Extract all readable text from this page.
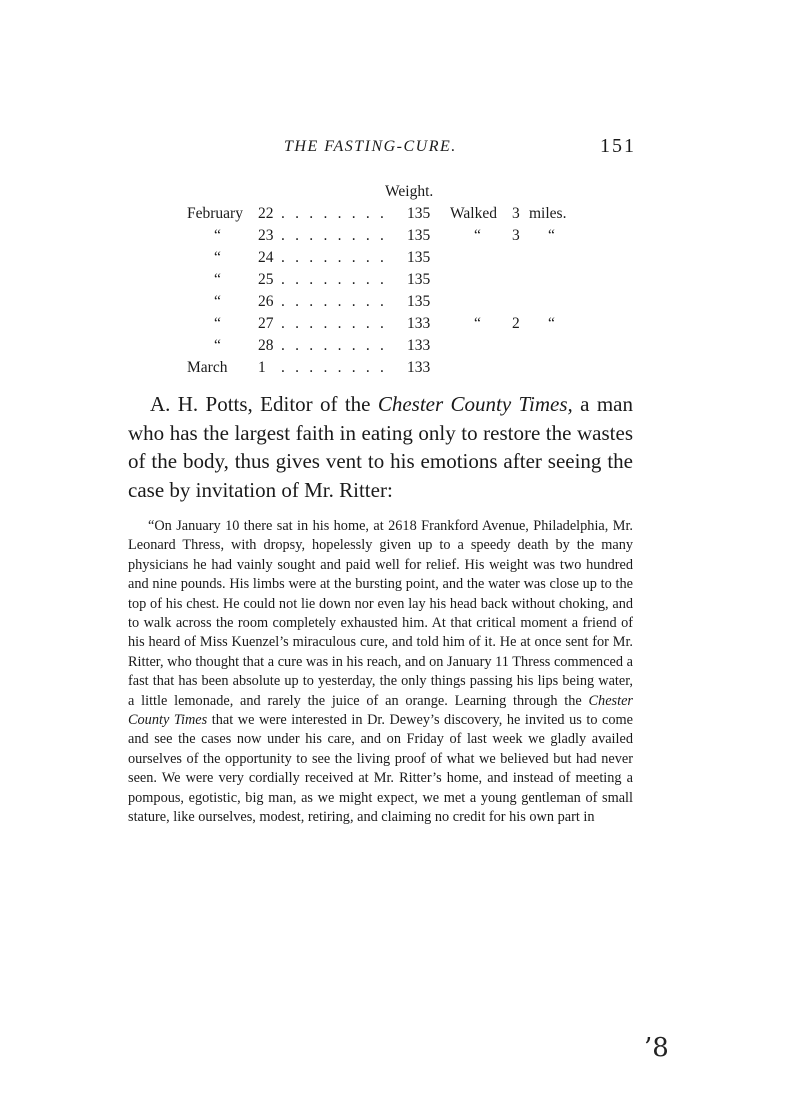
THE FASTING-CURE.	151
Weight.
February 22 . . . . . . . . 135 Walked 3 miles.
“ 23 . . . . . . . . 135	“ 3 “
“ 24 . . . . . . . . 135
“ 25 . . . . . . . . 135
“ 26 . . . . . . . . 135
“ 27 . . . . . . . . 133	“ 2 “
“ 28 . . . . . . . . 133
March 1 . . . . . . . . 133

A. H. Potts, Editor of the Chester County Times, a man who has the largest faith in eating only to restore the wastes of the body, thus gives vent to his emotions after seeing the case by invitation of Mr. Ritter:

“On January 10 there sat in his home, at 2618 Frankford Avenue, Philadelphia, Mr. Leonard Thress, with dropsy, hopelessly given up to a speedy death by the many physicians he had vainly sought and paid well for relief. His weight was two hundred and nine pounds. His limbs were at the bursting point, and the water was close up to the top of his chest. He could not lie down nor even lay his head back without choking, and to walk across the room completely exhausted him. At that critical moment a friend of his heard of Miss Kuenzel’s miraculous cure, and told him of it. He at once sent for Mr. Ritter, who thought that a cure was in his reach, and on January 11 Thress commenced a fast that has been absolute up to yesterday, the only things passing his lips being water, a little lemonade, and rarely the juice of an orange. Learning through the Chester County Times that we were interested in Dr. Dewey’s discovery, he invited us to come and see the cases now under his care, and on Friday of last week we gladly availed ourselves of the opportunity to see the living proof of what we believed but had never seen. We were very cordially received at Mr. Ritter’s home, and instead of meeting a pompous, egotistic, big man, as we might expect, we met a young gentleman of small stature, like ourselves, modest, retiring, and claiming no credit for his own part in

’8
